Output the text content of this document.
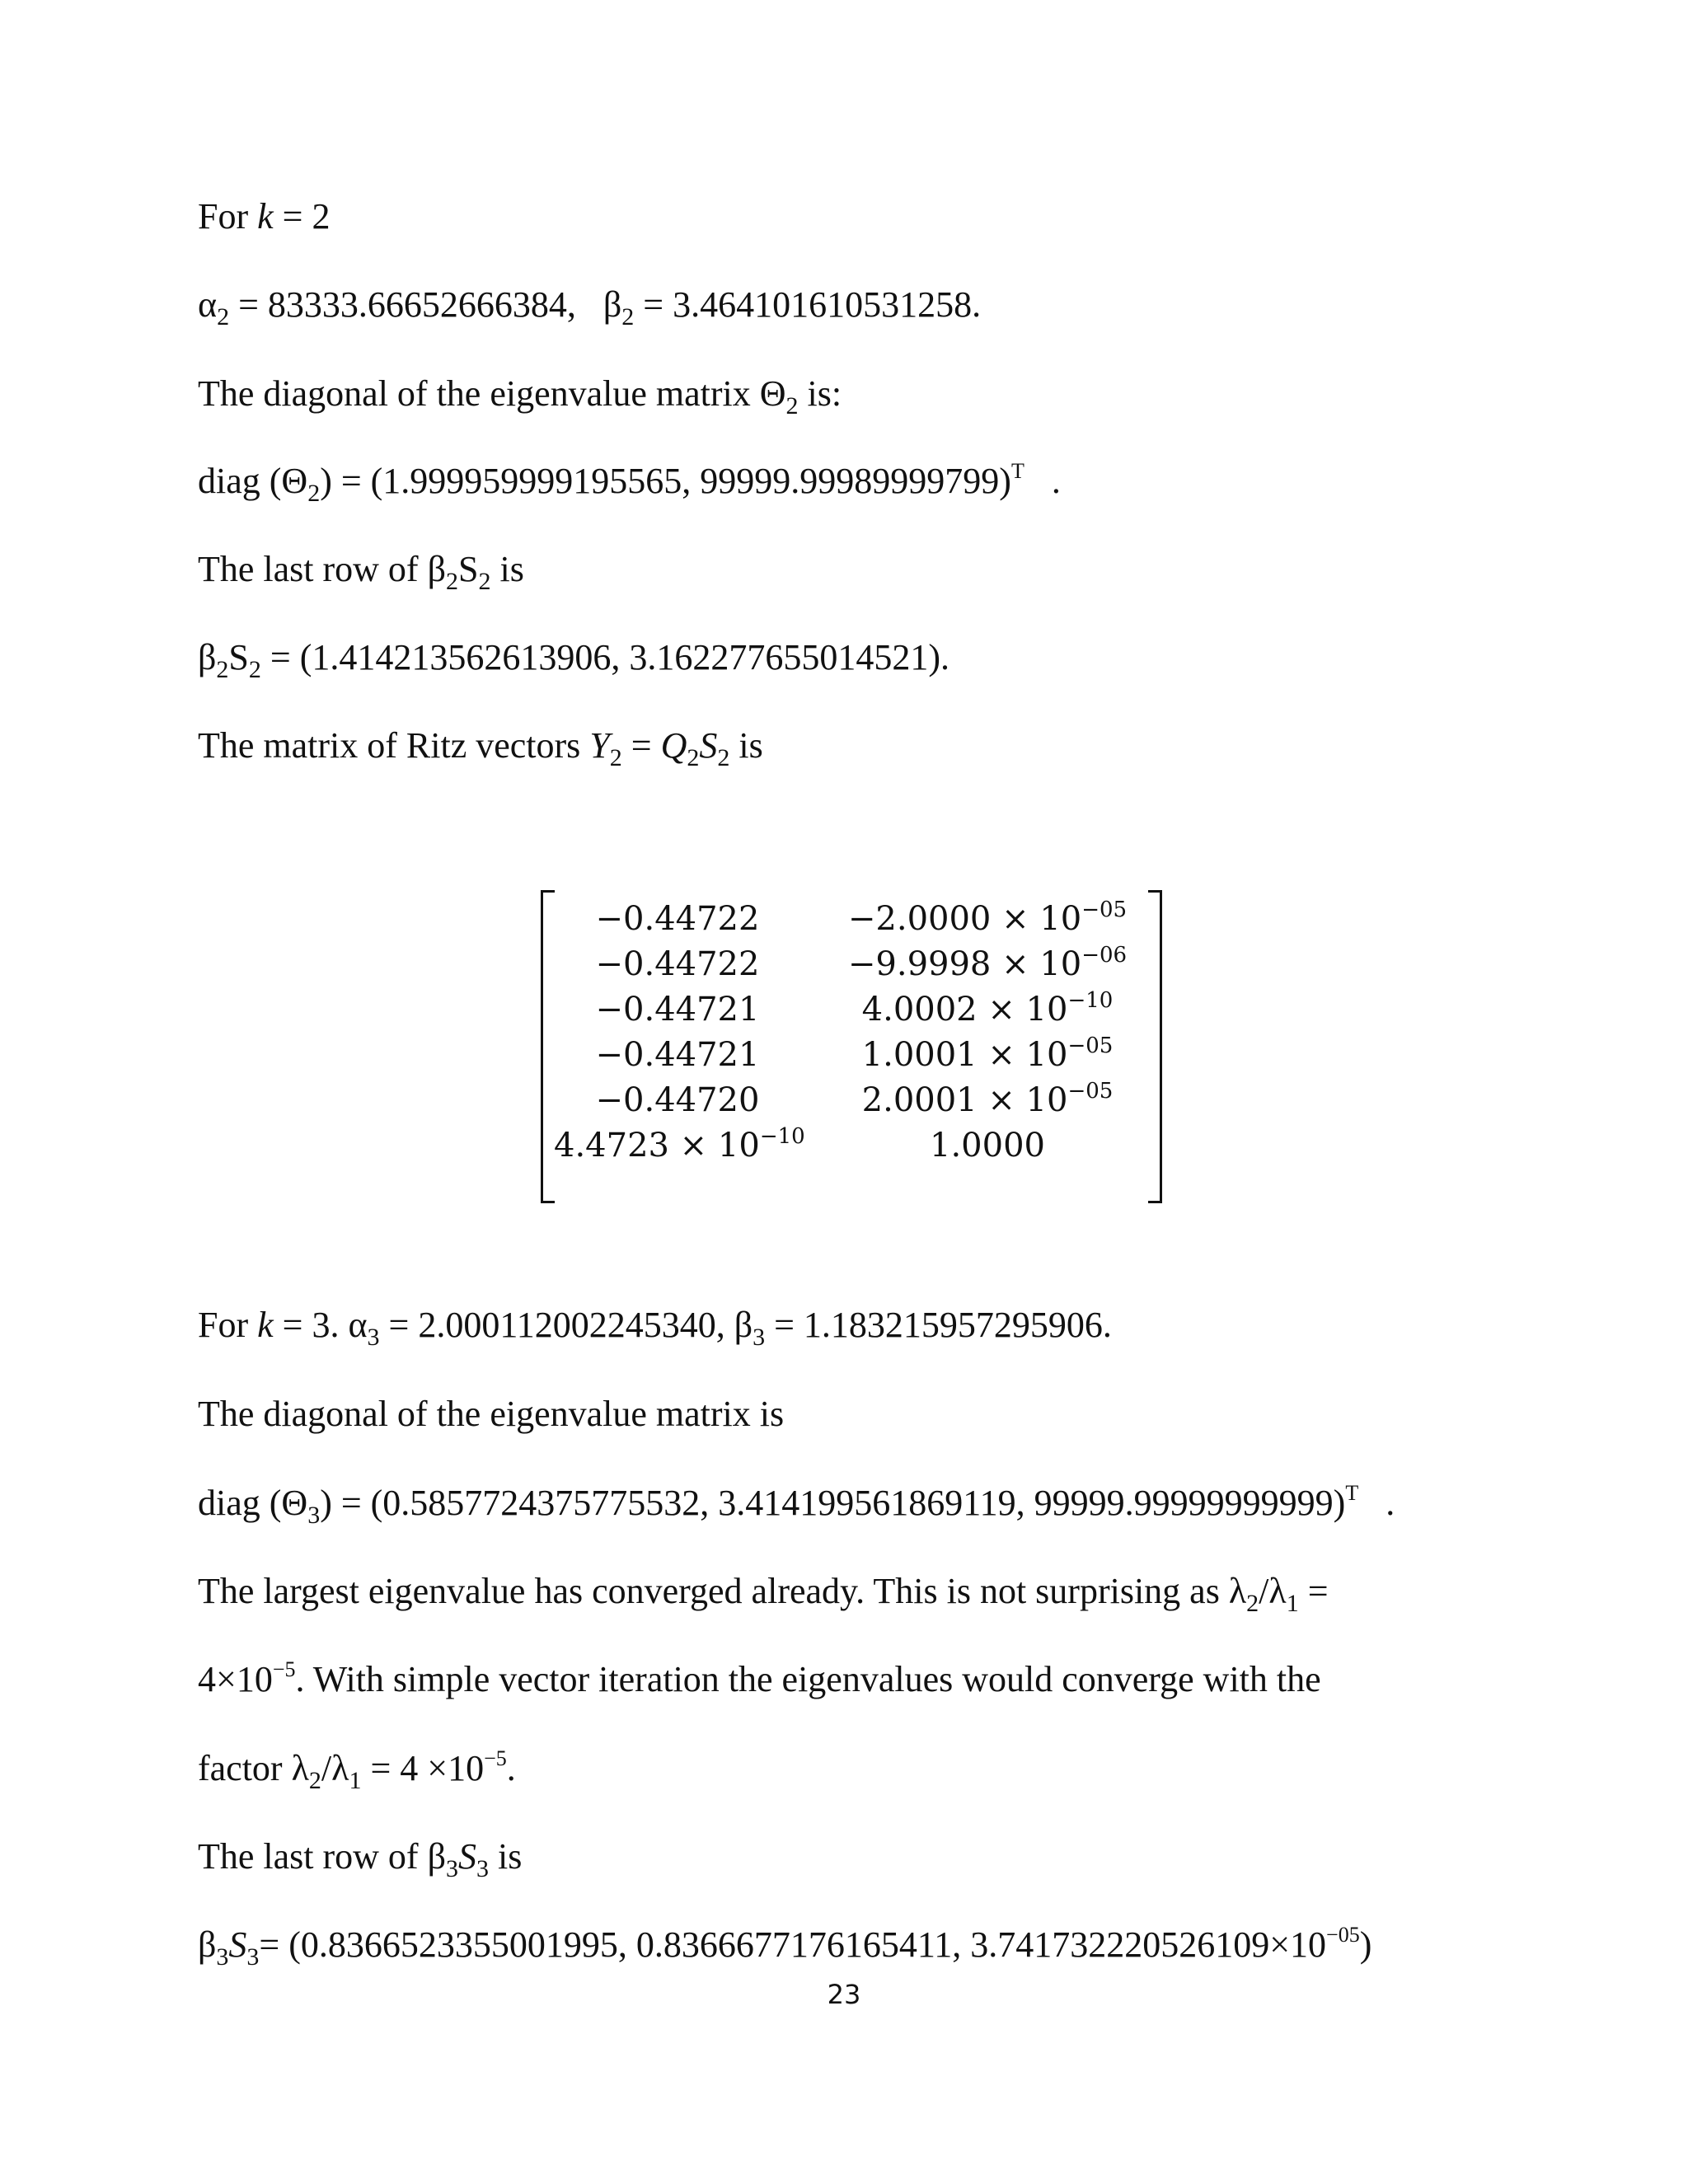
For k = 2
$\alpha_2 = 83333.66652666384$, $\beta_2 = 3.464101610531258$.
The diagonal of the eigenvalue matrix $\Theta_2$ is:
diag $(\Theta_2) = (1.999959999195565$, 99999.99989999799)$^T$ .
The last row of $\beta_2S_2$ is
$\beta_2S_2 = (1.414213562613906$, 3.162277655014521).
The matrix of Ritz vectors $Y_2 = Q_2S_2$ is
−0.44722	$-2.0000 \times 10^{-05}$
−0.44722	$-9.9998 \times 10^{-06}$
−0.44721	$4.0002 \times 10^{-10}$
−0.44721	$1.0001 \times 10^{-05}$
−0.44720	$2.0001 \times 10^{-05}$
$4.4723 \times 10^{-10}$	1.0000
For k = 3. $\alpha_3 = 2.000112002245340$, $\beta_3 = 1.183215957295906$.
The diagonal of the eigenvalue matrix is
diag $(\Theta_3) = (0.5857724375775532$, 3.414199561869119, 99999.99999999999)$^T$ .
The largest eigenvalue has converged already. This is not surprising as $\lambda_2/\lambda_1$ =
$4\times 10^{-5}$. With simple vector iteration the eigenvalues would converge with the
factor $\lambda_2/\lambda_1 = 4 \times 10^{-5}$.
The last row of $\beta_3S_3$ is
$\beta_3S_3= (0.8366523355001995$, 0.8366677176165411, $3.741732220526109\times 10^{-05}$)
23
